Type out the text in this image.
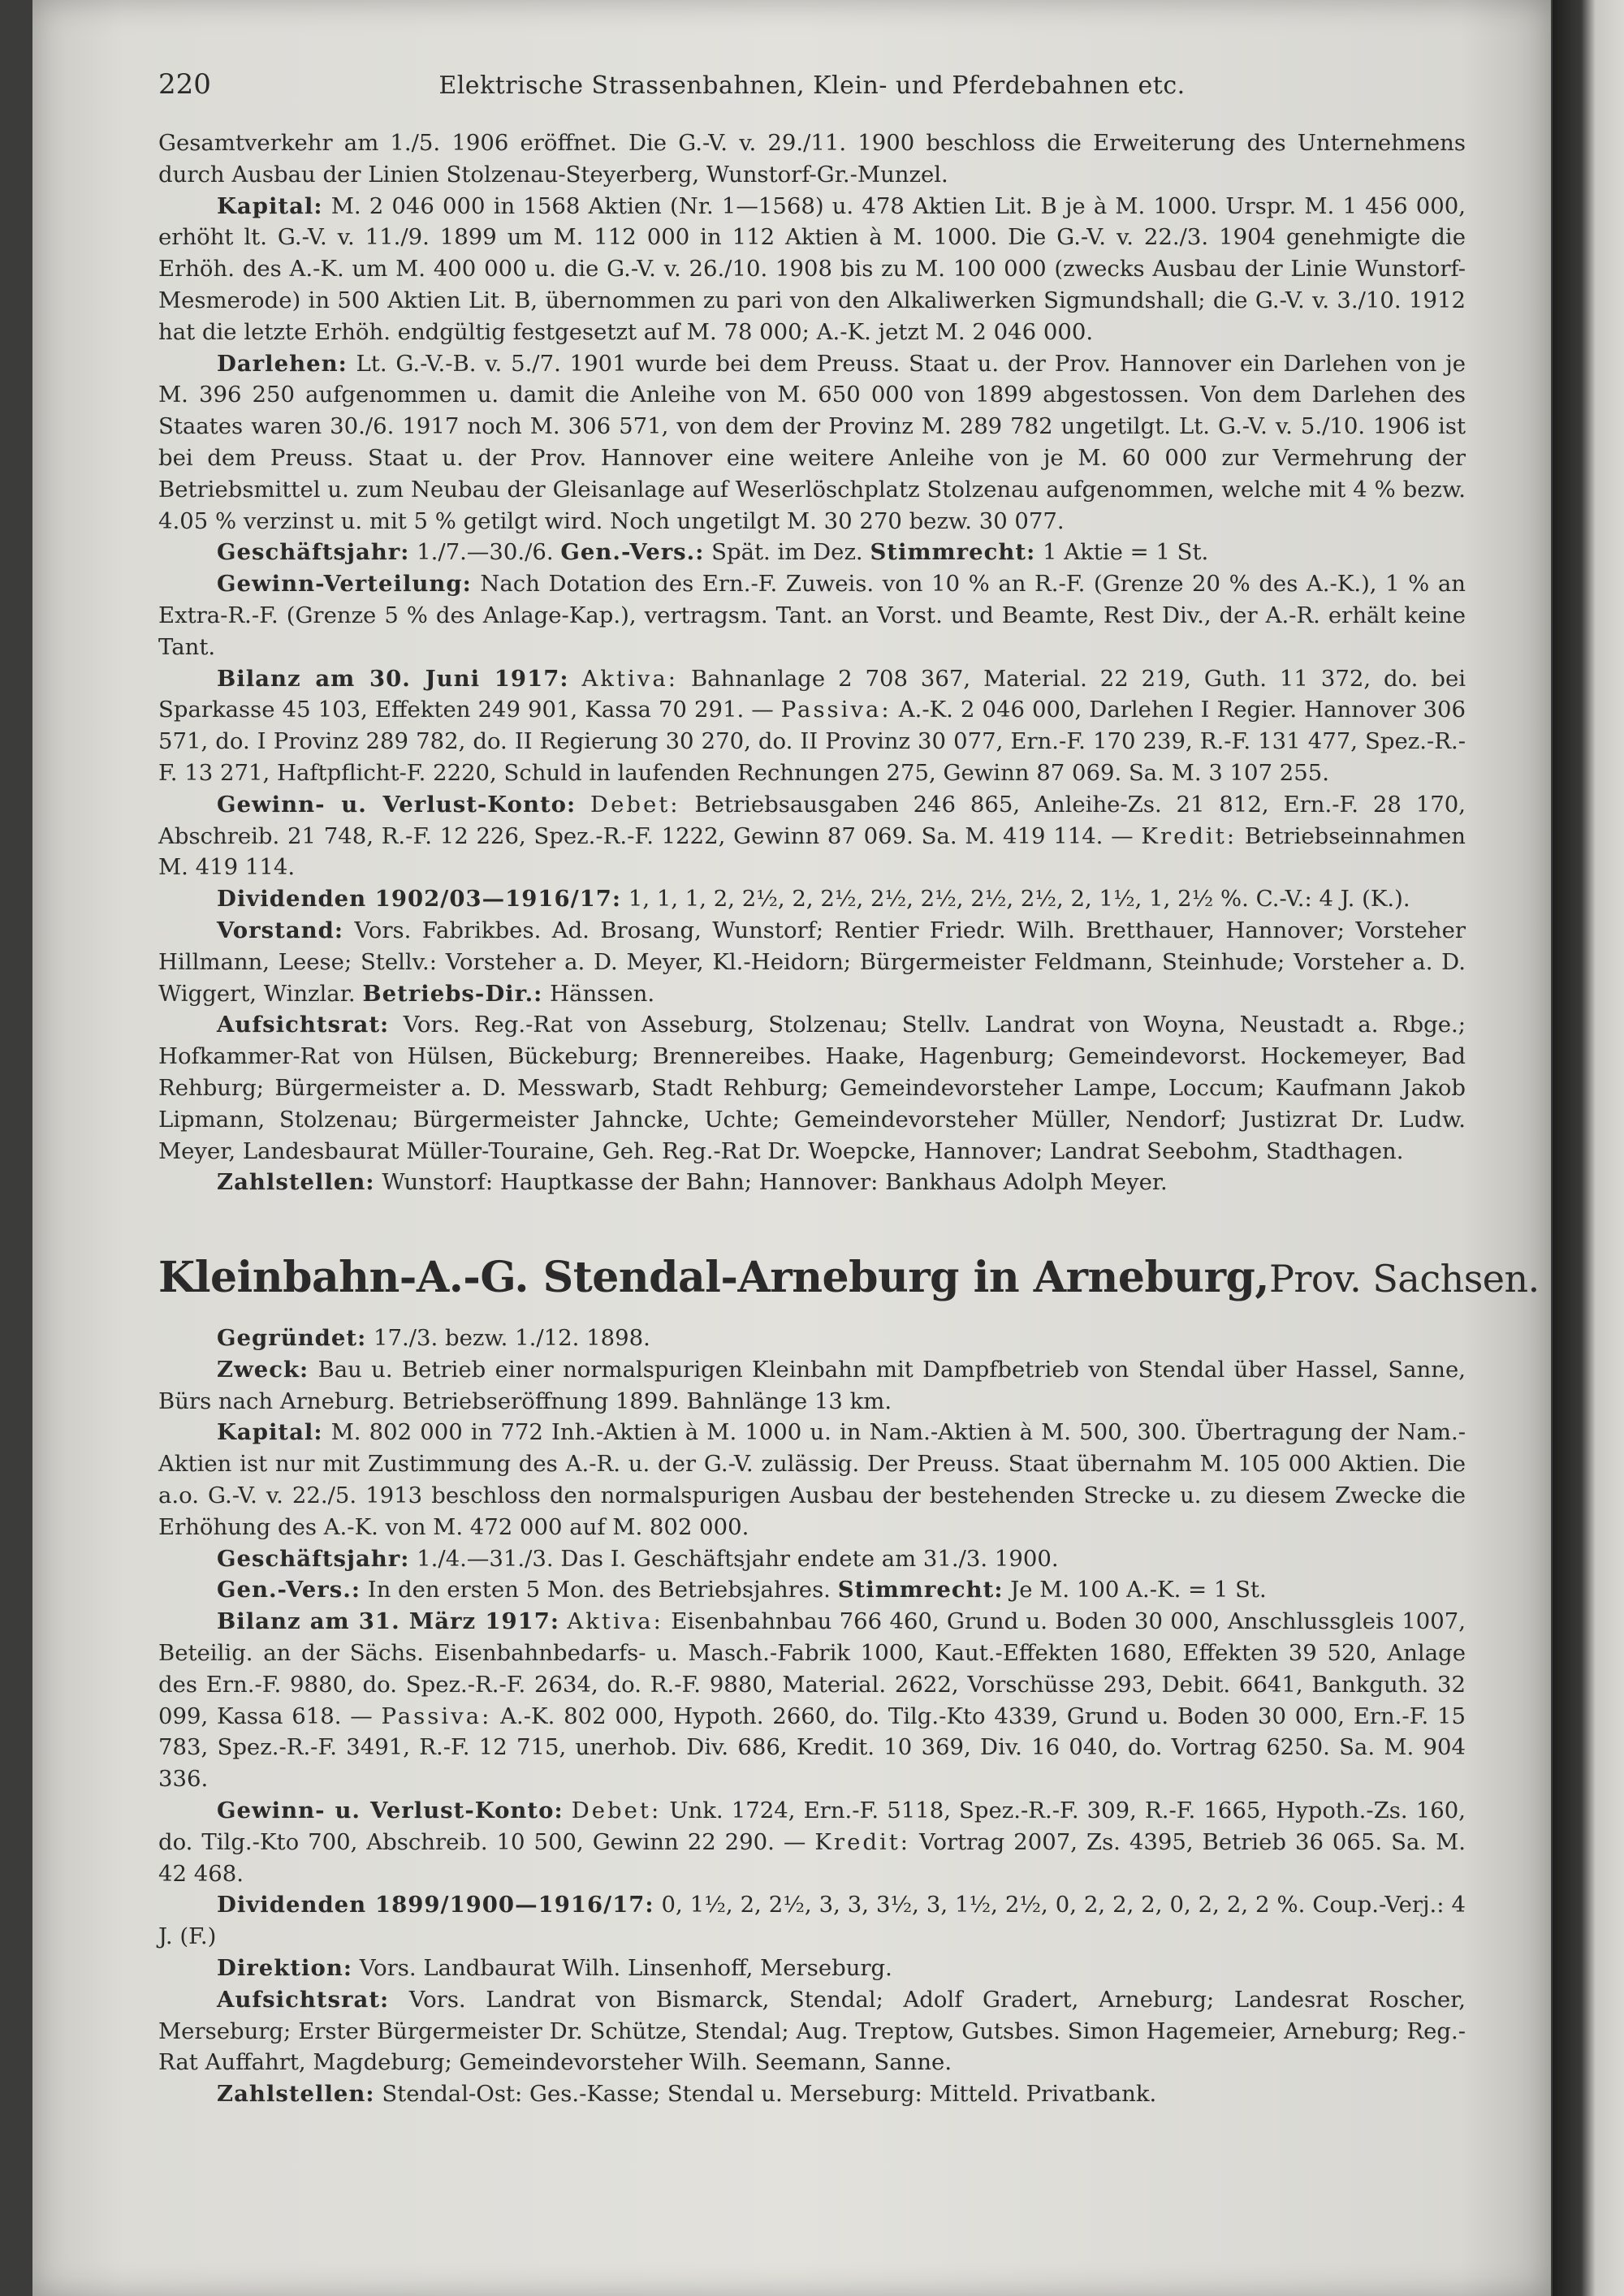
220	Elektrische Strassenbahnen, Klein- und Pferdebahnen etc.

Gesamtverkehr am 1./5. 1906 eröffnet. Die G.-V. v. 29./11. 1900 beschloss die Erweiterung des Unternehmens durch Ausbau der Linien Stolzenau-Steyerberg, Wunstorf-Gr.-Munzel.

Kapital: M. 2 046 000 in 1568 Aktien (Nr. 1—1568) u. 478 Aktien Lit. B je à M. 1000. Urspr. M. 1 456 000, erhöht lt. G.-V. v. 11./9. 1899 um M. 112 000 in 112 Aktien à M. 1000. Die G.-V. v. 22./3. 1904 genehmigte die Erhöh. des A.-K. um M. 400 000 u. die G.-V. v. 26./10. 1908 bis zu M. 100 000 (zwecks Ausbau der Linie Wunstorf-Mesmerode) in 500 Aktien Lit. B, übernommen zu pari von den Alkaliwerken Sigmundshall; die G.-V. v. 3./10. 1912 hat die letzte Erhöh. endgültig festgesetzt auf M. 78 000; A.-K. jetzt M. 2 046 000.

Darlehen: Lt. G.-V.-B. v. 5./7. 1901 wurde bei dem Preuss. Staat u. der Prov. Hannover ein Darlehen von je M. 396 250 aufgenommen u. damit die Anleihe von M. 650 000 von 1899 abgestossen. Von dem Darlehen des Staates waren 30./6. 1917 noch M. 306 571, von dem der Provinz M. 289 782 ungetilgt. Lt. G.-V. v. 5./10. 1906 ist bei dem Preuss. Staat u. der Prov. Hannover eine weitere Anleihe von je M. 60 000 zur Vermehrung der Betriebsmittel u. zum Neubau der Gleisanlage auf Weserlöschplatz Stolzenau aufgenommen, welche mit 4 % bezw. 4.05 % verzinst u. mit 5 % getilgt wird. Noch ungetilgt M. 30 270 bezw. 30 077.

Geschäftsjahr: 1./7.—30./6. Gen.-Vers.: Spät. im Dez. Stimmrecht: 1 Aktie = 1 St.

Gewinn-Verteilung: Nach Dotation des Ern.-F. Zuweis. von 10 % an R.-F. (Grenze 20 % des A.-K.), 1 % an Extra-R.-F. (Grenze 5 % des Anlage-Kap.), vertragsm. Tant. an Vorst. und Beamte, Rest Div., der A.-R. erhält keine Tant.

Bilanz am 30. Juni 1917: Aktiva: Bahnanlage 2 708 367, Material. 22 219, Guth. 11 372, do. bei Sparkasse 45 103, Effekten 249 901, Kassa 70 291. — Passiva: A.-K. 2 046 000, Darlehen I Regier. Hannover 306 571, do. I Provinz 289 782, do. II Regierung 30 270, do. II Provinz 30 077, Ern.-F. 170 239, R.-F. 131 477, Spez.-R.-F. 13 271, Haftpflicht-F. 2220, Schuld in laufenden Rechnungen 275, Gewinn 87 069. Sa. M. 3 107 255.

Gewinn- u. Verlust-Konto: Debet: Betriebsausgaben 246 865, Anleihe-Zs. 21 812, Ern.-F. 28 170, Abschreib. 21 748, R.-F. 12 226, Spez.-R.-F. 1222, Gewinn 87 069. Sa. M. 419 114. — Kredit: Betriebseinnahmen M. 419 114.

Dividenden 1902/03—1916/17: 1, 1, 1, 2, 2½, 2, 2½, 2½, 2½, 2½, 2½, 2, 1½, 1, 2½ %. C.-V.: 4 J. (K.).

Vorstand: Vors. Fabrikbes. Ad. Brosang, Wunstorf; Rentier Friedr. Wilh. Bretthauer, Hannover; Vorsteher Hillmann, Leese; Stellv.: Vorsteher a. D. Meyer, Kl.-Heidorn; Bürgermeister Feldmann, Steinhude; Vorsteher a. D. Wiggert, Winzlar. Betriebs-Dir.: Hänssen.

Aufsichtsrat: Vors. Reg.-Rat von Asseburg, Stolzenau; Stellv. Landrat von Woyna, Neustadt a. Rbge.; Hofkammer-Rat von Hülsen, Bückeburg; Brennereibes. Haake, Hagenburg; Gemeindevorst. Hockemeyer, Bad Rehburg; Bürgermeister a. D. Messwarb, Stadt Rehburg; Gemeindevorsteher Lampe, Loccum; Kaufmann Jakob Lipmann, Stolzenau; Bürgermeister Jahncke, Uchte; Gemeindevorsteher Müller, Nendorf; Justizrat Dr. Ludw. Meyer, Landesbaurat Müller-Touraine, Geh. Reg.-Rat Dr. Woepcke, Hannover; Landrat Seebohm, Stadthagen.

Zahlstellen: Wunstorf: Hauptkasse der Bahn; Hannover: Bankhaus Adolph Meyer.

Kleinbahn-A.-G. Stendal-Arneburg in Arneburg,Prov. Sachsen.

Gegründet: 17./3. bezw. 1./12. 1898.

Zweck: Bau u. Betrieb einer normalspurigen Kleinbahn mit Dampfbetrieb von Stendal über Hassel, Sanne, Bürs nach Arneburg. Betriebseröffnung 1899. Bahnlänge 13 km.

Kapital: M. 802 000 in 772 Inh.-Aktien à M. 1000 u. in Nam.-Aktien à M. 500, 300. Übertragung der Nam.-Aktien ist nur mit Zustimmung des A.-R. u. der G.-V. zulässig. Der Preuss. Staat übernahm M. 105 000 Aktien. Die a.o. G.-V. v. 22./5. 1913 beschloss den normalspurigen Ausbau der bestehenden Strecke u. zu diesem Zwecke die Erhöhung des A.-K. von M. 472 000 auf M. 802 000.

Geschäftsjahr: 1./4.—31./3. Das I. Geschäftsjahr endete am 31./3. 1900.

Gen.-Vers.: In den ersten 5 Mon. des Betriebsjahres. Stimmrecht: Je M. 100 A.-K. = 1 St.

Bilanz am 31. März 1917: Aktiva: Eisenbahnbau 766 460, Grund u. Boden 30 000, Anschlussgleis 1007, Beteilig. an der Sächs. Eisenbahnbedarfs- u. Masch.-Fabrik 1000, Kaut.-Effekten 1680, Effekten 39 520, Anlage des Ern.-F. 9880, do. Spez.-R.-F. 2634, do. R.-F. 9880, Material. 2622, Vorschüsse 293, Debit. 6641, Bankguth. 32 099, Kassa 618. — Passiva: A.-K. 802 000, Hypoth. 2660, do. Tilg.-Kto 4339, Grund u. Boden 30 000, Ern.-F. 15 783, Spez.-R.-F. 3491, R.-F. 12 715, unerhob. Div. 686, Kredit. 10 369, Div. 16 040, do. Vortrag 6250. Sa. M. 904 336.

Gewinn- u. Verlust-Konto: Debet: Unk. 1724, Ern.-F. 5118, Spez.-R.-F. 309, R.-F. 1665, Hypoth.-Zs. 160, do. Tilg.-Kto 700, Abschreib. 10 500, Gewinn 22 290. — Kredit: Vortrag 2007, Zs. 4395, Betrieb 36 065. Sa. M. 42 468.

Dividenden 1899/1900—1916/17: 0, 1½, 2, 2½, 3, 3, 3½, 3, 1½, 2½, 0, 2, 2, 2, 0, 2, 2, 2 %. Coup.-Verj.: 4 J. (F.)

Direktion: Vors. Landbaurat Wilh. Linsenhoff, Merseburg.

Aufsichtsrat: Vors. Landrat von Bismarck, Stendal; Adolf Gradert, Arneburg; Landesrat Roscher, Merseburg; Erster Bürgermeister Dr. Schütze, Stendal; Aug. Treptow, Gutsbes. Simon Hagemeier, Arneburg; Reg.-Rat Auffahrt, Magdeburg; Gemeindevorsteher Wilh. Seemann, Sanne.

Zahlstellen: Stendal-Ost: Ges.-Kasse; Stendal u. Merseburg: Mitteld. Privatbank.
